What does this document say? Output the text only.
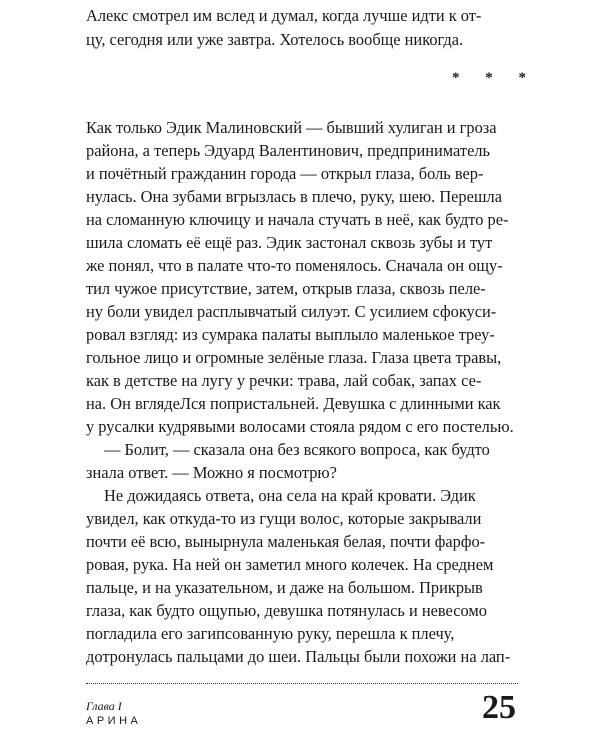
Алекс смотрел им вслед и думал, когда лучше идти к от-
цу, сегодня или уже завтра. Хотелось вообще никогда.
* * *
Как только Эдик Малиновский — бывший хулиган и гроза
района, а теперь Эдуард Валентинович, предприниматель
и почётный гражданин города — открыл глаза, боль вер-
нулась. Она зубами вгрызлась в плечо, руку, шею. Перешла
на сломанную ключицу и начала стучать в неё, как будто ре-
шила сломать её ещё раз. Эдик застонал сквозь зубы и тут
же понял, что в палате что-то поменялось. Сначала он ощу-
тил чужое присутствие, затем, открыв глаза, сквозь пеле-
ну боли увидел расплывчатый силуэт. С усилием сфокуси-
ровал взгляд: из сумрака палаты выплыло маленькое треу-
гольное лицо и огромные зелёные глаза. Глаза цвета травы,
как в детстве на лугу у речки: трава, лай собак, запах се-
на. Он вглядеЛся попристальней. Девушка с длинными как
у русалки кудрявыми волосами стояла рядом с его постелью.
— Болит, — сказала она без всякого вопроса, как будто
знала ответ. — Можно я посмотрю?
Не дожидаясь ответа, она села на край кровати. Эдик
увидел, как откуда-то из гущи волос, которые закрывали
почти её всю, вынырнула маленькая белая, почти фарфо-
ровая, рука. На ней он заметил много колечек. На среднем
пальце, и на указательном, и даже на большом. Прикрыв
глаза, как будто ощупью, девушка потянулась и невесомо
погладила его загипсованную руку, перешла к плечу,
дотронулась пальцами до шеи. Пальцы были похожи на лап-
Глава I
АРИНА	25
